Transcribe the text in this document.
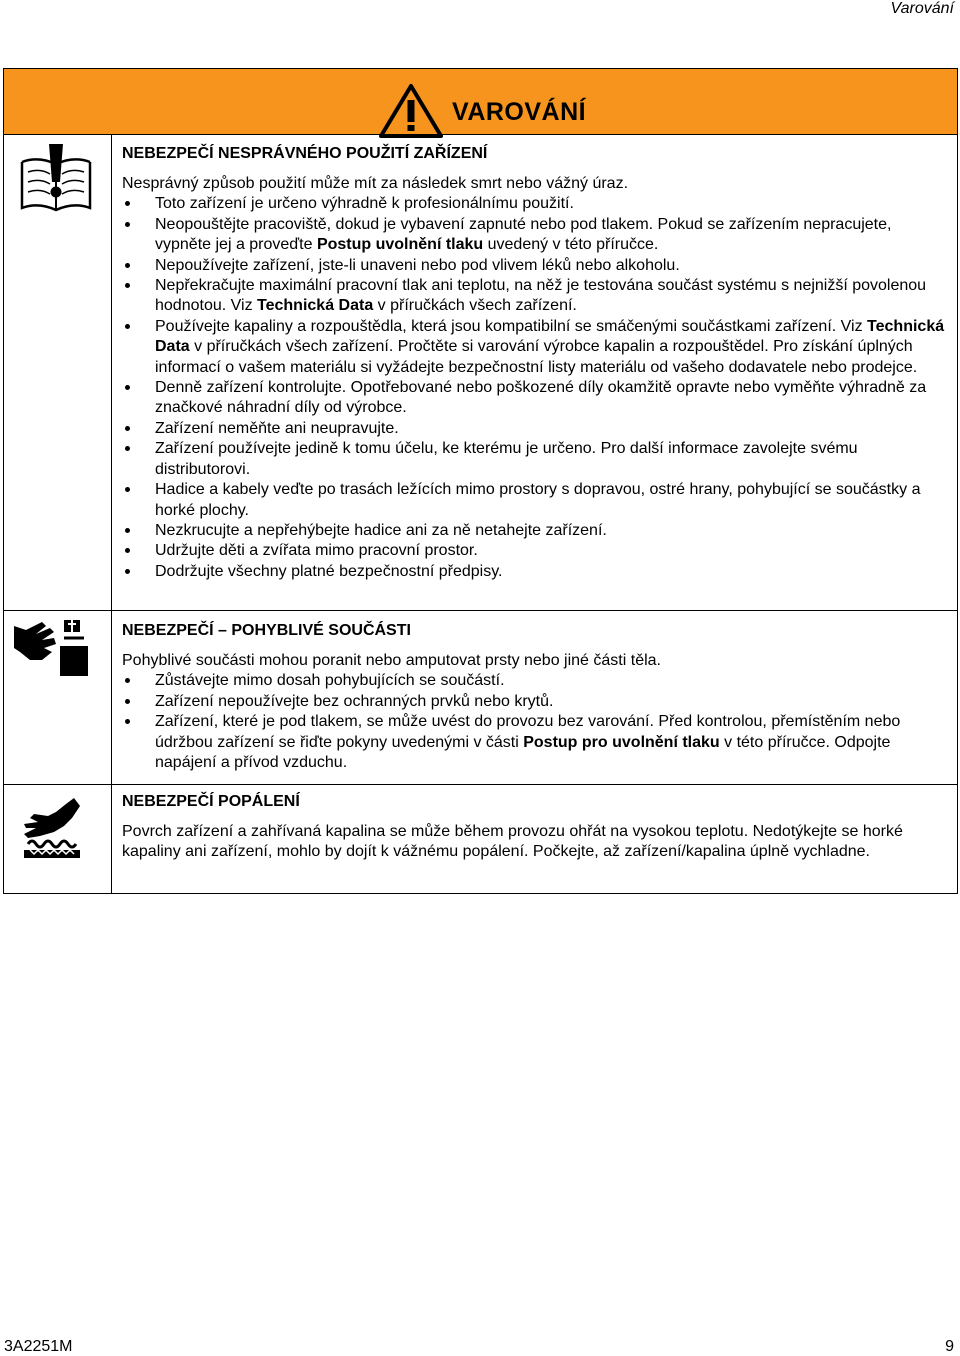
Varování
VAROVÁNÍ
NEBEZPEČÍ NESPRÁVNÉHO POUŽITÍ ZAŘÍZENÍ

Nesprávný způsob použití může mít za následek smrt nebo vážný úraz.

Toto zařízení je určeno výhradně k profesionálnímu použití.
Neopouštějte pracoviště, dokud je vybavení zapnuté nebo pod tlakem. Pokud se zařízením nepracujete, vypněte jej a proveďte Postup uvolnění tlaku uvedený v této příručce.
Nepoužívejte zařízení, jste-li unaveni nebo pod vlivem léků nebo alkoholu.
Nepřekračujte maximální pracovní tlak ani teplotu, na něž je testována součást systému s nejnižší povolenou hodnotou. Viz Technická Data v příručkách všech zařízení.
Používejte kapaliny a rozpouštědla, která jsou kompatibilní se smáčenými součástkami zařízení. Viz Technická Data v příručkách všech zařízení. Pročtěte si varování výrobce kapalin a rozpouštědel. Pro získání úplných informací o vašem materiálu si vyžádejte bezpečnostní listy materiálu od vašeho dodavatele nebo prodejce.
Denně zařízení kontrolujte. Opotřebované nebo poškozené díly okamžitě opravte nebo vyměňte výhradně za značkové náhradní díly od výrobce.
Zařízení neměňte ani neupravujte.
Zařízení používejte jedině k tomu účelu, ke kterému je určeno. Pro další informace zavolejte svému distributorovi.
Hadice a kabely veďte po trasách ležících mimo prostory s dopravou, ostré hrany, pohybující se součástky a horké plochy.
Nezkrucujte a nepřehýbejte hadice ani za ně netahejte zařízení.
Udržujte děti a zvířata mimo pracovní prostor.
Dodržujte všechny platné bezpečnostní předpisy.
NEBEZPEČÍ – POHYBLIVÉ SOUČÁSTI

Pohyblivé součásti mohou poranit nebo amputovat prsty nebo jiné části těla.

Zůstávejte mimo dosah pohybujících se součástí.
Zařízení nepoužívejte bez ochranných prvků nebo krytů.
Zařízení, které je pod tlakem, se může uvést do provozu bez varování. Před kontrolou, přemístěním nebo údržbou zařízení se řiďte pokyny uvedenými v části Postup pro uvolnění tlaku v této příručce. Odpojte napájení a přívod vzduchu.
NEBEZPEČÍ POPÁLENÍ

Povrch zařízení a zahřívaná kapalina se může během provozu ohřát na vysokou teplotu. Nedotýkejte se horké kapaliny ani zařízení, mohlo by dojít k vážnému popálení. Počkejte, až zařízení/kapalina úplně vychladne.

3A2251M	9
